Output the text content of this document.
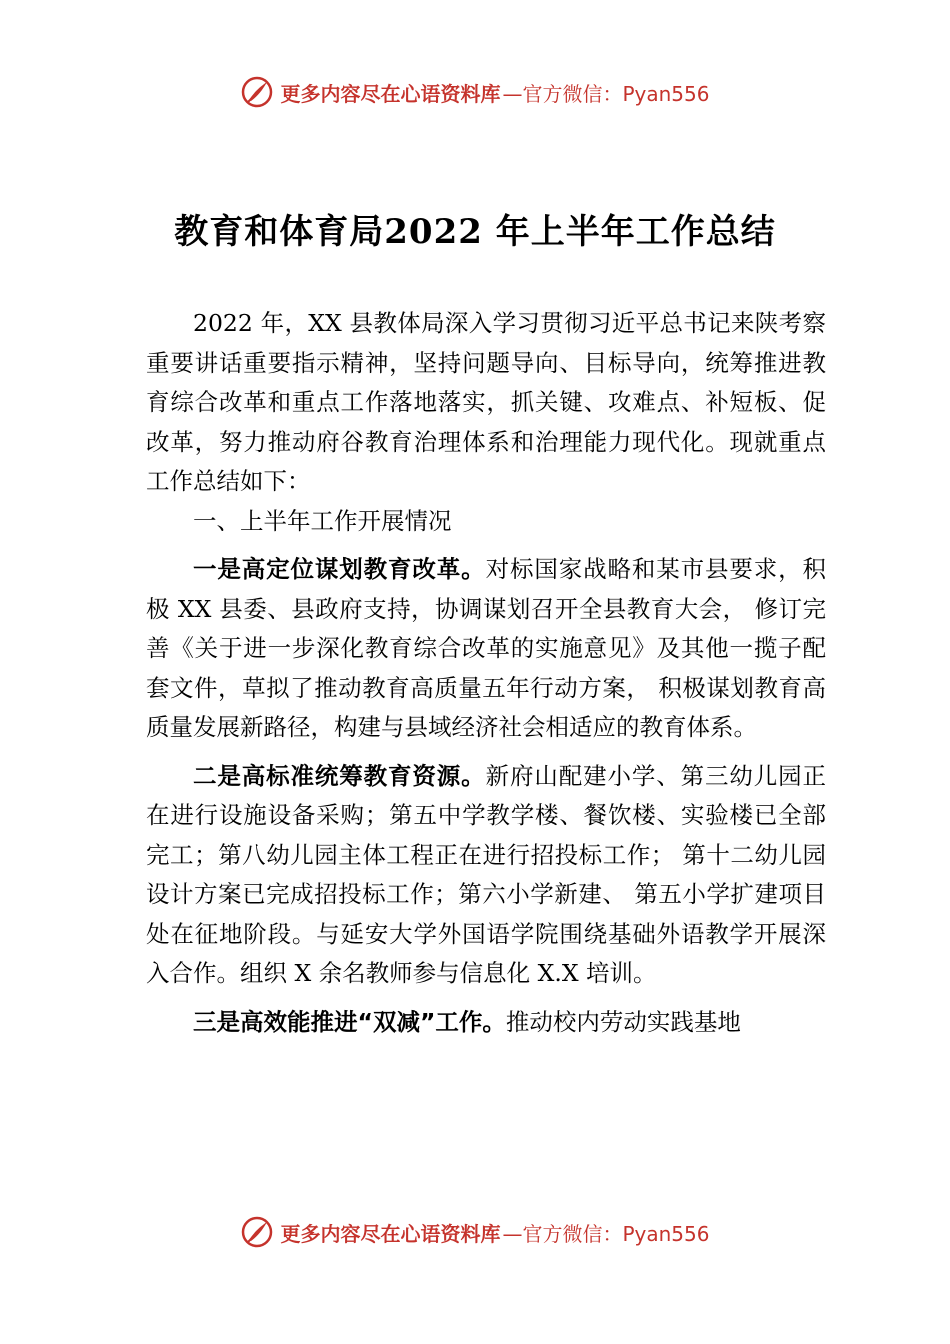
更多内容尽在心语资料库 —官方微信：Pyan556
教育和体育局2022 年上半年工作总结

2022 年，XX 县教体局深入学习贯彻习近平总书记来陕考察重要讲话重要指示精神，坚持问题导向、目标导向，统筹推进教育综合改革和重点工作落地落实，抓关键、攻难点、补短板、促改革，努力推动府谷教育治理体系和治理能力现代化。现就重点工作总结如下：

一、上半年工作开展情况

一是高定位谋划教育改革。对标国家战略和某市县要求，积极 XX 县委、县政府支持，协调谋划召开全县教育大会， 修订完善《关于进一步深化教育综合改革的实施意见》及其他一揽子配套文件，草拟了推动教育高质量五年行动方案， 积极谋划教育高质量发展新路径，构建与县域经济社会相适应的教育体系。

二是高标准统筹教育资源。新府山配建小学、第三幼儿园正在进行设施设备采购；第五中学教学楼、餐饮楼、实验楼已全部完工；第八幼儿园主体工程正在进行招投标工作； 第十二幼儿园设计方案已完成招投标工作；第六小学新建、 第五小学扩建项目处在征地阶段。与延安大学外国语学院围绕基础外语教学开展深入合作。组织 X 余名教师参与信息化 X.X 培训。

三是高效能推进“双减”工作。推动校内劳动实践基地

更多内容尽在心语资料库 —官方微信：Pyan556
